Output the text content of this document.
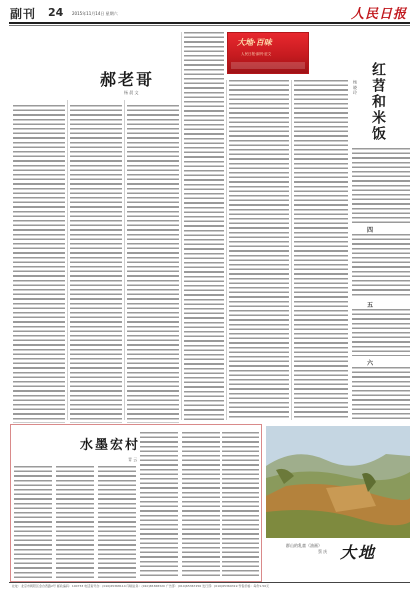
副刊 24 2015年11月14日 星期六	人民日报
郝老哥
杨 晨 文
大地·百味
人民日报·副刊·征文
红苕和米饭
杨 晓 玲
四
五
六
水墨宏村
青 云
群山的乳童（油画）
蔡 庆 大地
社址：北京市朝阳区金台西路2号 邮政编码：100733 电话查号台：(010)65368114 印刷业务：(010)65368320 广告部：(010)65367256 发行部：(010)65369319 零售价格：每份1.50元
